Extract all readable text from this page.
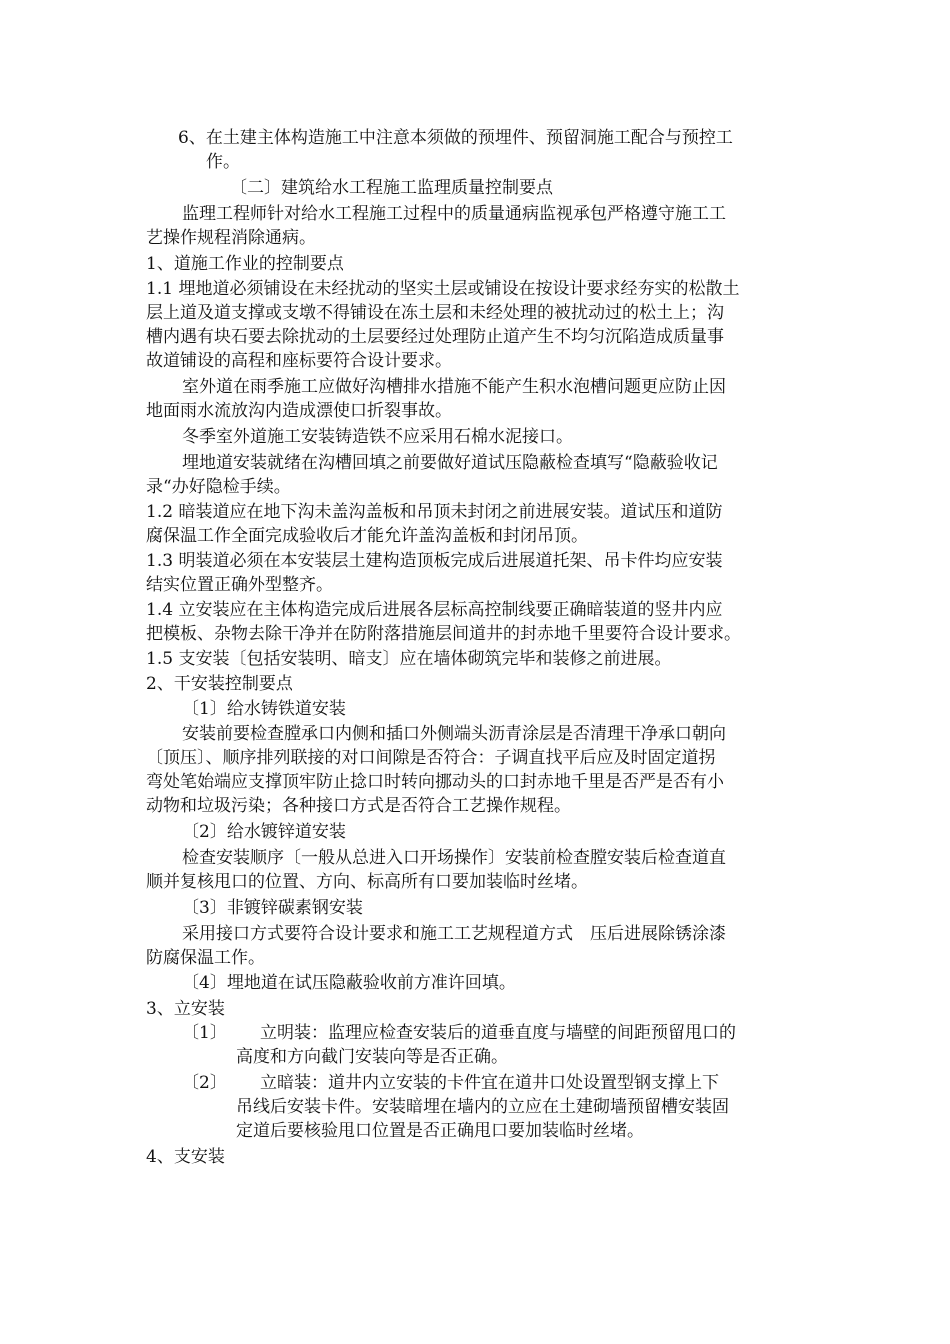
6、在土建主体构造施工中注意本须做的预埋件、预留洞施工配合与预控工
作。
〔二〕建筑给水工程施工监理质量控制要点
监理工程师针对给水工程施工过程中的质量通病监视承包严格遵守施工工
艺操作规程消除通病。
1、道施工作业的控制要点
1.1 埋地道必须铺设在未经扰动的坚实土层或铺设在按设计要求经夯实的松散土
层上道及道支撑或支墩不得铺设在冻土层和未经处理的被扰动过的松土上；沟
槽内遇有块石要去除扰动的土层要经过处理防止道产生不均匀沉陷造成质量事
故道铺设的高程和座标要符合设计要求。
室外道在雨季施工应做好沟槽排水措施不能产生积水泡槽问题更应防止因
地面雨水流放沟内造成漂使口折裂事故。
冬季室外道施工安装铸造铁不应采用石棉水泥接口。
埋地道安装就绪在沟槽回填之前要做好道试压隐蔽检查填写“隐蔽验收记
录“办好隐检手续。
1.2 暗装道应在地下沟未盖沟盖板和吊顶未封闭之前进展安装。道试压和道防
腐保温工作全面完成验收后才能允许盖沟盖板和封闭吊顶。
1.3 明装道必须在本安装层土建构造顶板完成后进展道托架、吊卡件均应安装
结实位置正确外型整齐。
1.4 立安装应在主体构造完成后进展各层标高控制线要正确暗装道的竖井内应
把模板、杂物去除干净并在防附落措施层间道井的封赤地千里要符合设计要求。
1.5 支安装〔包括安装明、暗支〕应在墙体砌筑完毕和装修之前进展。
2、干安装控制要点
〔1〕给水铸铁道安装
安装前要检查膛承口内侧和插口外侧端头沥青涂层是否清理干净承口朝向
〔顶压〕、顺序排列联接的对口间隙是否符合：子调直找平后应及时固定道拐
弯处笔始端应支撑顶牢防止捻口时转向挪动头的口封赤地千里是否严是否有小
动物和垃圾污染；各种接口方式是否符合工艺操作规程。
〔2〕给水镀锌道安装
检查安装顺序〔一般从总进入口开场操作〕安装前检查膛安装后检查道直
顺并复核甩口的位置、方向、标高所有口要加装临时丝堵。
〔3〕非镀锌碳素钢安装
采用接口方式要符合设计要求和施工工艺规程道方式　压后进展除锈涂漆
防腐保温工作。
〔4〕埋地道在试压隐蔽验收前方准许回填。
3、立安装
〔1〕 立明装：监理应检查安装后的道垂直度与墙壁的间距预留甩口的
高度和方向截门安装向等是否正确。
〔2〕 立暗装：道井内立安装的卡件宜在道井口处设置型钢支撑上下
吊线后安装卡件。安装暗埋在墙内的立应在土建砌墙预留槽安装固
定道后要核验甩口位置是否正确甩口要加装临时丝堵。
4、支安装
